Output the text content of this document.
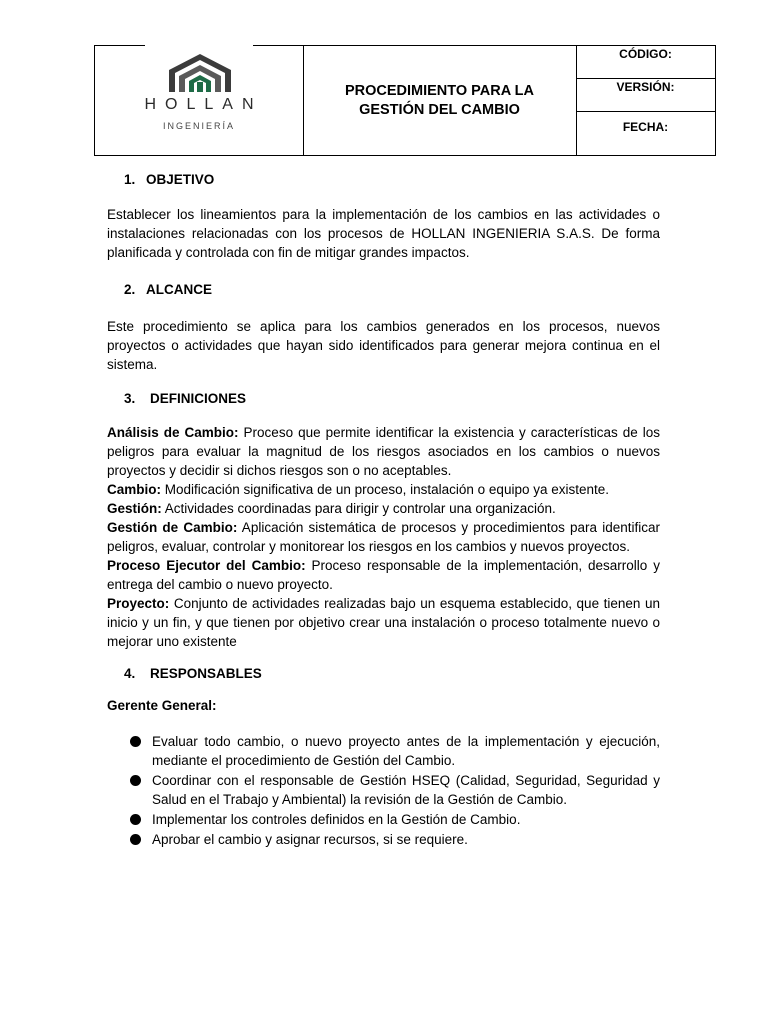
HOLLAN
INGENIERÍA
PROCEDIMIENTO PARA LA
GESTIÓN DEL CAMBIO
CÓDIGO:
VERSIÓN:
FECHA:

1. OBJETIVO

Establecer los lineamientos para la implementación de los cambios en las actividades o instalaciones relacionadas con los procesos de HOLLAN INGENIERIA S.A.S. De forma planificada y controlada con fin de mitigar grandes impactos.

2. ALCANCE

Este procedimiento se aplica para los cambios generados en los procesos, nuevos proyectos o actividades que hayan sido identificados para generar mejora continua en el sistema.

3. DEFINICIONES

Análisis de Cambio: Proceso que permite identificar la existencia y características de los peligros para evaluar la magnitud de los riesgos asociados en los cambios o nuevos proyectos y decidir si dichos riesgos son o no aceptables.

Cambio: Modificación significativa de un proceso, instalación o equipo ya existente.

Gestión: Actividades coordinadas para dirigir y controlar una organización.

Gestión de Cambio: Aplicación sistemática de procesos y procedimientos para identificar peligros, evaluar, controlar y monitorear los riesgos en los cambios y nuevos proyectos.

Proceso Ejecutor del Cambio: Proceso responsable de la implementación, desarrollo y entrega del cambio o nuevo proyecto.

Proyecto: Conjunto de actividades realizadas bajo un esquema establecido, que tienen un inicio y un fin, y que tienen por objetivo crear una instalación o proceso totalmente nuevo o mejorar uno existente

4. RESPONSABLES

Gerente General:

Evaluar todo cambio, o nuevo proyecto antes de la implementación y ejecución, mediante el procedimiento de Gestión del Cambio.
Coordinar con el responsable de Gestión HSEQ (Calidad, Seguridad, Seguridad y Salud en el Trabajo y Ambiental) la revisión de la Gestión de Cambio.
Implementar los controles definidos en la Gestión de Cambio.
Aprobar el cambio y asignar recursos, si se requiere.
